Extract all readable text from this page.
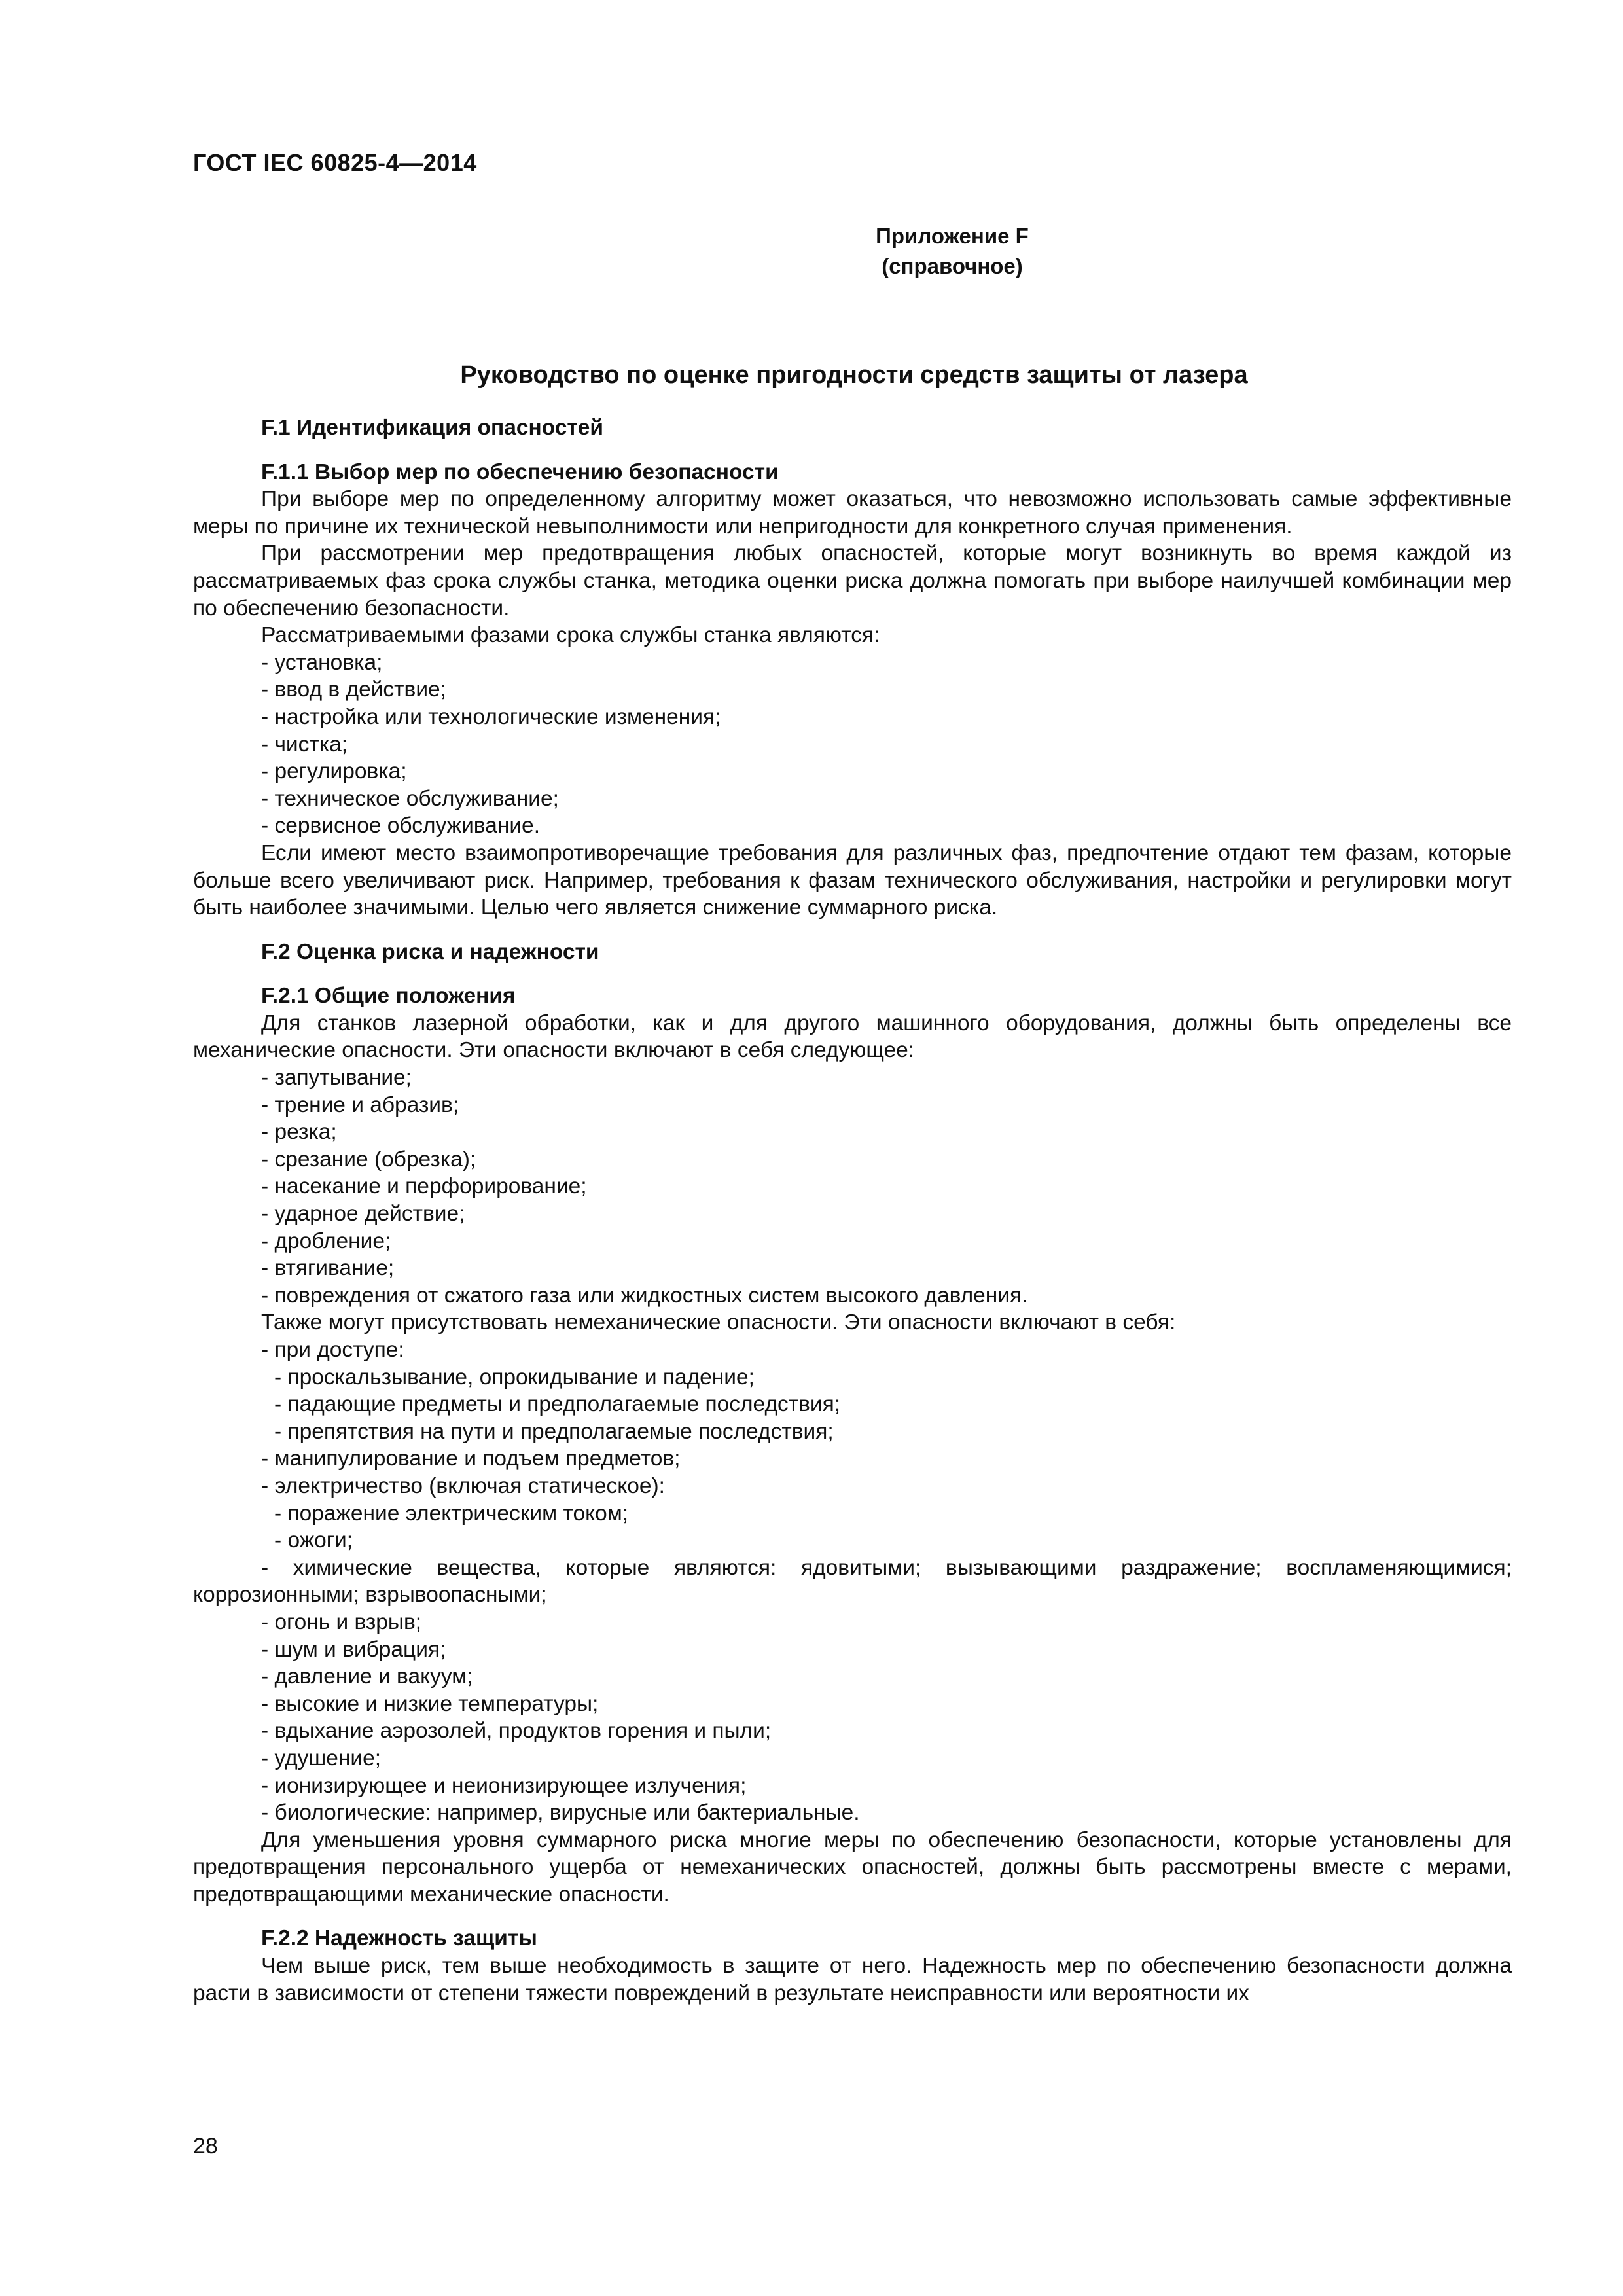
ГОСТ IEC 60825-4—2014
Приложение F
(справочное)
Руководство по оценке пригодности средств защиты от лазера
F.1 Идентификация опасностей
F.1.1 Выбор мер по обеспечению безопасности

При выборе мер по определенному алгоритму может оказаться, что невозможно использовать самые эффективные меры по причине их технической невыполнимости или непригодности для конкретного случая применения.

При рассмотрении мер предотвращения любых опасностей, которые могут возникнуть во время каждой из рассматриваемых фаз срока службы станка, методика оценки риска должна помогать при выборе наилучшей комбинации мер по обеспечению безопасности.

Рассматриваемыми фазами срока службы станка являются:

- установка;
- ввод в действие;
- настройка или технологические изменения;
- чистка;
- регулировка;
- техническое обслуживание;
- сервисное обслуживание.

Если имеют место взаимопротиворечащие требования для различных фаз, предпочтение отдают тем фазам, которые больше всего увеличивают риск. Например, требования к фазам технического обслуживания, настройки и регулировки могут быть наиболее значимыми. Целью чего является снижение суммарного риска.

F.2 Оценка риска и надежности
F.2.1 Общие положения

Для станков лазерной обработки, как и для другого машинного оборудования, должны быть определены все механические опасности. Эти опасности включают в себя следующее:

- запутывание;
- трение и абразив;
- резка;
- срезание (обрезка);
- насекание и перфорирование;
- ударное действие;
- дробление;
- втягивание;
- повреждения от сжатого газа или жидкостных систем высокого давления.

Также могут присутствовать немеханические опасности. Эти опасности включают в себя:

- при доступе:
- проскальзывание, опрокидывание и падение;
- падающие предметы и предполагаемые последствия;
- препятствия на пути и предполагаемые последствия;
- манипулирование и подъем предметов;
- электричество (включая статическое):
- поражение электрическим током;
- ожоги;

- химические вещества, которые являются: ядовитыми; вызывающими раздражение; воспламеняющимися; коррозионными; взрывоопасными;

- огонь и взрыв;
- шум и вибрация;
- давление и вакуум;
- высокие и низкие температуры;
- вдыхание аэрозолей, продуктов горения и пыли;
- удушение;
- ионизирующее и неионизирующее излучения;
- биологические: например, вирусные или бактериальные.

Для уменьшения уровня суммарного риска многие меры по обеспечению безопасности, которые установлены для предотвращения персонального ущерба от немеханических опасностей, должны быть рассмотрены вместе с мерами, предотвращающими механические опасности.

F.2.2 Надежность защиты

Чем выше риск, тем выше необходимость в защите от него. Надежность мер по обеспечению безопасности должна расти в зависимости от степени тяжести повреждений в результате неисправности или вероятности их

28
